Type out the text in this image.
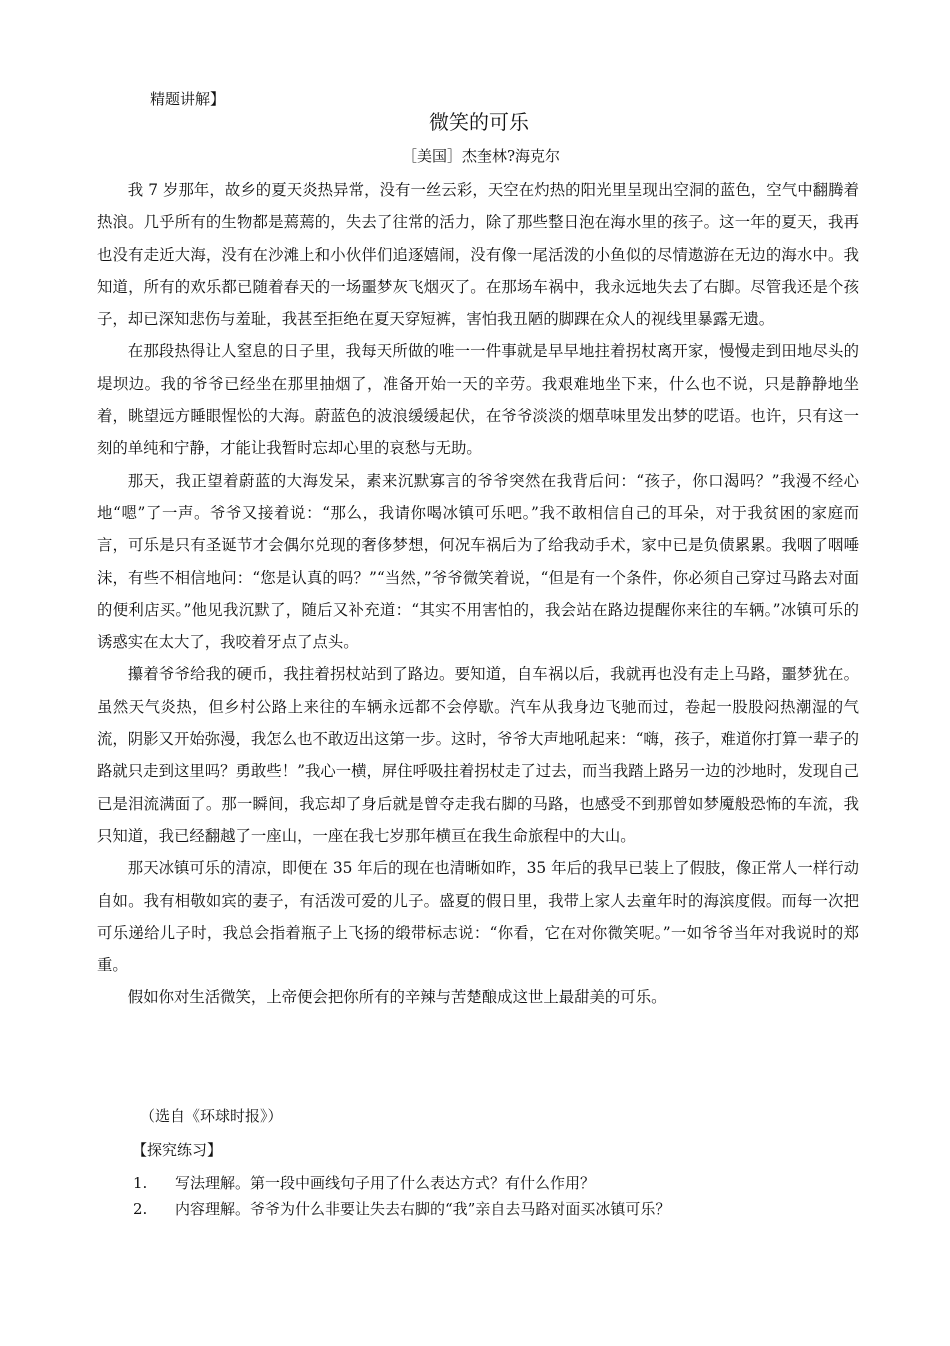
精题讲解】
微笑的可乐
［美国］杰奎林?海克尔

我 7 岁那年，故乡的夏天炎热异常，没有一丝云彩，天空在灼热的阳光里呈现出空洞的蓝色，空气中翻腾着热浪。几乎所有的生物都是蔫蔫的，失去了往常的活力，除了那些整日泡在海水里的孩子。这一年的夏天，我再也没有走近大海，没有在沙滩上和小伙伴们追逐嬉闹，没有像一尾活泼的小鱼似的尽情遨游在无边的海水中。我知道，所有的欢乐都已随着春天的一场噩梦灰飞烟灭了。在那场车祸中，我永远地失去了右脚。尽管我还是个孩子，却已深知悲伤与羞耻，我甚至拒绝在夏天穿短裤，害怕我丑陋的脚踝在众人的视线里暴露无遗。

在那段热得让人窒息的日子里，我每天所做的唯一一件事就是早早地拄着拐杖离开家，慢慢走到田地尽头的堤坝边。我的爷爷已经坐在那里抽烟了，准备开始一天的辛劳。我艰难地坐下来，什么也不说，只是静静地坐着，眺望远方睡眼惺忪的大海。蔚蓝色的波浪缓缓起伏，在爷爷淡淡的烟草味里发出梦的呓语。也许，只有这一刻的单纯和宁静，才能让我暂时忘却心里的哀愁与无助。

那天，我正望着蔚蓝的大海发呆，素来沉默寡言的爷爷突然在我背后问：“孩子，你口渴吗？”我漫不经心地“嗯”了一声。爷爷又接着说：“那么，我请你喝冰镇可乐吧。”我不敢相信自己的耳朵，对于我贫困的家庭而言，可乐是只有圣诞节才会偶尔兑现的奢侈梦想，何况车祸后为了给我动手术，家中已是负债累累。我咽了咽唾沫，有些不相信地问：“您是认真的吗？”“当然，”爷爷微笑着说，“但是有一个条件，你必须自己穿过马路去对面的便利店买。”他见我沉默了，随后又补充道：“其实不用害怕的，我会站在路边提醒你来往的车辆。”冰镇可乐的诱惑实在太大了，我咬着牙点了点头。

攥着爷爷给我的硬币，我拄着拐杖站到了路边。要知道，自车祸以后，我就再也没有走上马路，噩梦犹在。虽然天气炎热，但乡村公路上来往的车辆永远都不会停歇。汽车从我身边飞驰而过，卷起一股股闷热潮湿的气流，阴影又开始弥漫，我怎么也不敢迈出这第一步。这时，爷爷大声地吼起来：“嗨，孩子，难道你打算一辈子的路就只走到这里吗？勇敢些！”我心一横，屏住呼吸拄着拐杖走了过去，而当我踏上路另一边的沙地时，发现自己已是泪流满面了。那一瞬间，我忘却了身后就是曾夺走我右脚的马路，也感受不到那曾如梦魇般恐怖的车流，我只知道，我已经翻越了一座山，一座在我七岁那年横亘在我生命旅程中的大山。

那天冰镇可乐的清凉，即便在 35 年后的现在也清晰如昨，35 年后的我早已装上了假肢，像正常人一样行动自如。我有相敬如宾的妻子，有活泼可爱的儿子。盛夏的假日里，我带上家人去童年时的海滨度假。而每一次把可乐递给儿子时，我总会指着瓶子上飞扬的缎带标志说：“你看，它在对你微笑呢。”一如爷爷当年对我说时的郑重。

假如你对生活微笑，上帝便会把你所有的辛辣与苦楚酿成这世上最甜美的可乐。

（选自《环球时报》）
【探究练习】
1.	写法理解。第一段中画线句子用了什么表达方式？有什么作用？
2.	内容理解。爷爷为什么非要让失去右脚的“我”亲自去马路对面买冰镇可乐？
